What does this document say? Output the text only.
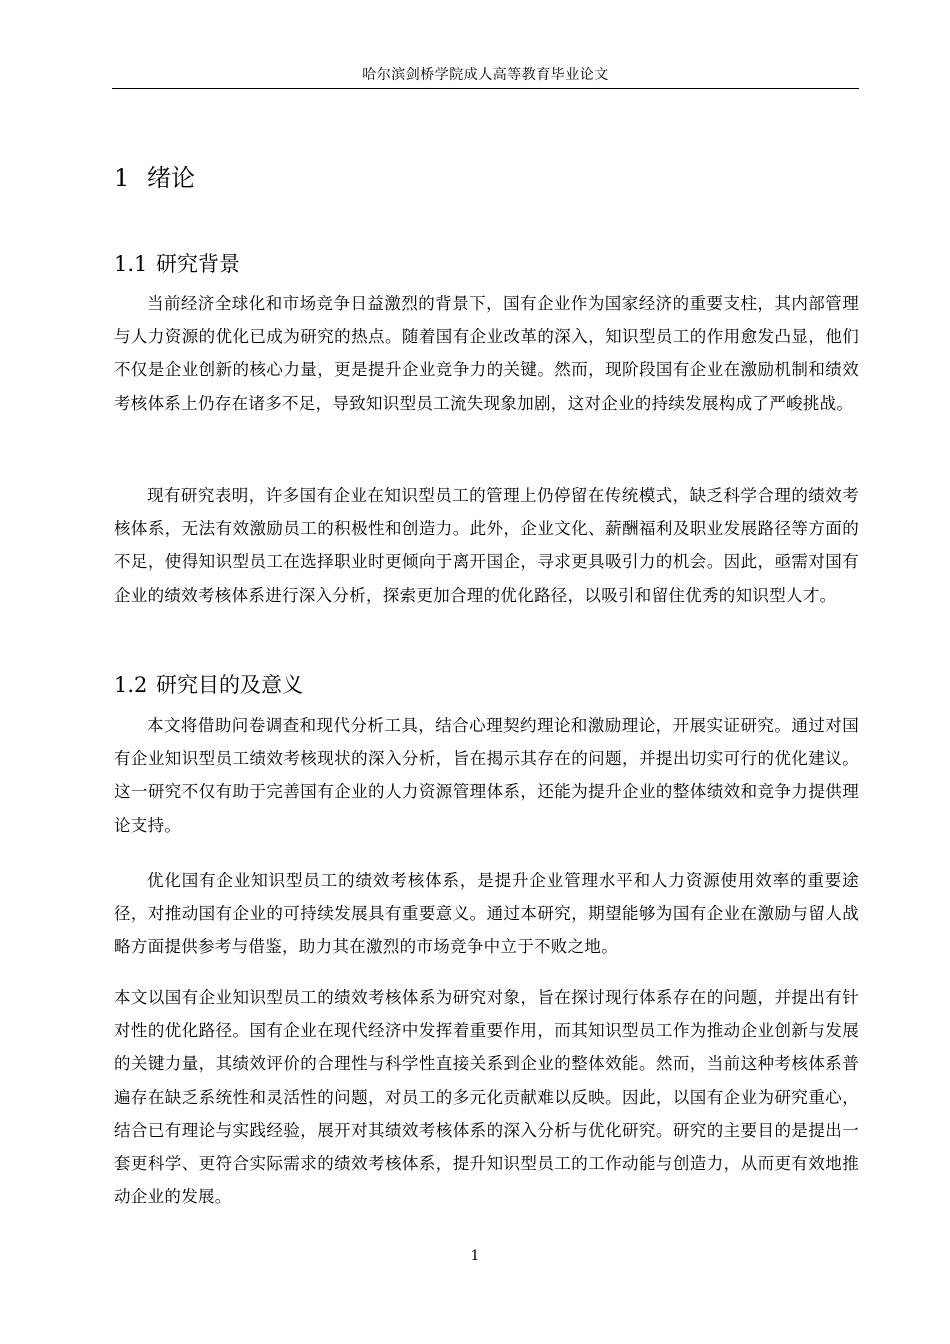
哈尔滨剑桥学院成人高等教育毕业论文
1 绪论
1.1 研究背景

当前经济全球化和市场竞争日益激烈的背景下，国有企业作为国家经济的重要支柱，其内部管理与人力资源的优化已成为研究的热点。随着国有企业改革的深入，知识型员工的作用愈发凸显，他们不仅是企业创新的核心力量，更是提升企业竞争力的关键。然而，现阶段国有企业在激励机制和绩效考核体系上仍存在诸多不足，导致知识型员工流失现象加剧，这对企业的持续发展构成了严峻挑战。

现有研究表明，许多国有企业在知识型员工的管理上仍停留在传统模式，缺乏科学合理的绩效考核体系，无法有效激励员工的积极性和创造力。此外，企业文化、薪酬福利及职业发展路径等方面的不足，使得知识型员工在选择职业时更倾向于离开国企，寻求更具吸引力的机会。因此，亟需对国有企业的绩效考核体系进行深入分析，探索更加合理的优化路径，以吸引和留住优秀的知识型人才。

1.2 研究目的及意义

本文将借助问卷调查和现代分析工具，结合心理契约理论和激励理论，开展实证研究。通过对国有企业知识型员工绩效考核现状的深入分析，旨在揭示其存在的问题，并提出切实可行的优化建议。这一研究不仅有助于完善国有企业的人力资源管理体系，还能为提升企业的整体绩效和竞争力提供理论支持。

优化国有企业知识型员工的绩效考核体系，是提升企业管理水平和人力资源使用效率的重要途径，对推动国有企业的可持续发展具有重要意义。通过本研究，期望能够为国有企业在激励与留人战略方面提供参考与借鉴，助力其在激烈的市场竞争中立于不败之地。

本文以国有企业知识型员工的绩效考核体系为研究对象，旨在探讨现行体系存在的问题，并提出有针对性的优化路径。国有企业在现代经济中发挥着重要作用，而其知识型员工作为推动企业创新与发展的关键力量，其绩效评价的合理性与科学性直接关系到企业的整体效能。然而，当前这种考核体系普遍存在缺乏系统性和灵活性的问题，对员工的多元化贡献难以反映。因此，以国有企业为研究重心，结合已有理论与实践经验，展开对其绩效考核体系的深入分析与优化研究。研究的主要目的是提出一套更科学、更符合实际需求的绩效考核体系，提升知识型员工的工作动能与创造力，从而更有效地推动企业的发展。

1
